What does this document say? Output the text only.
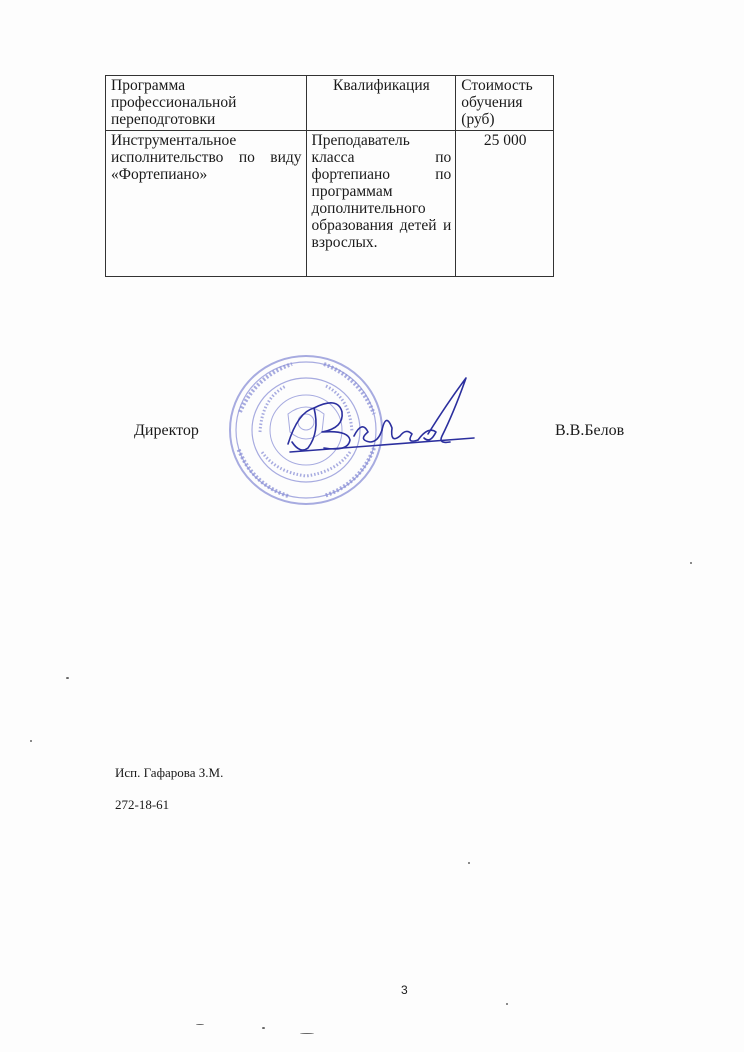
Программа профессиональной переподготовки	Квалификация	Стоимость обучения (руб)
Инструментальное исполнительство по виду «Фортепиано»	Преподаватель класса по фортепиано по программам дополнительного образования детей и взрослых.	25 000
Директор	В.В.Белов
Исп. Гафарова З.М.
272-18-61
3
